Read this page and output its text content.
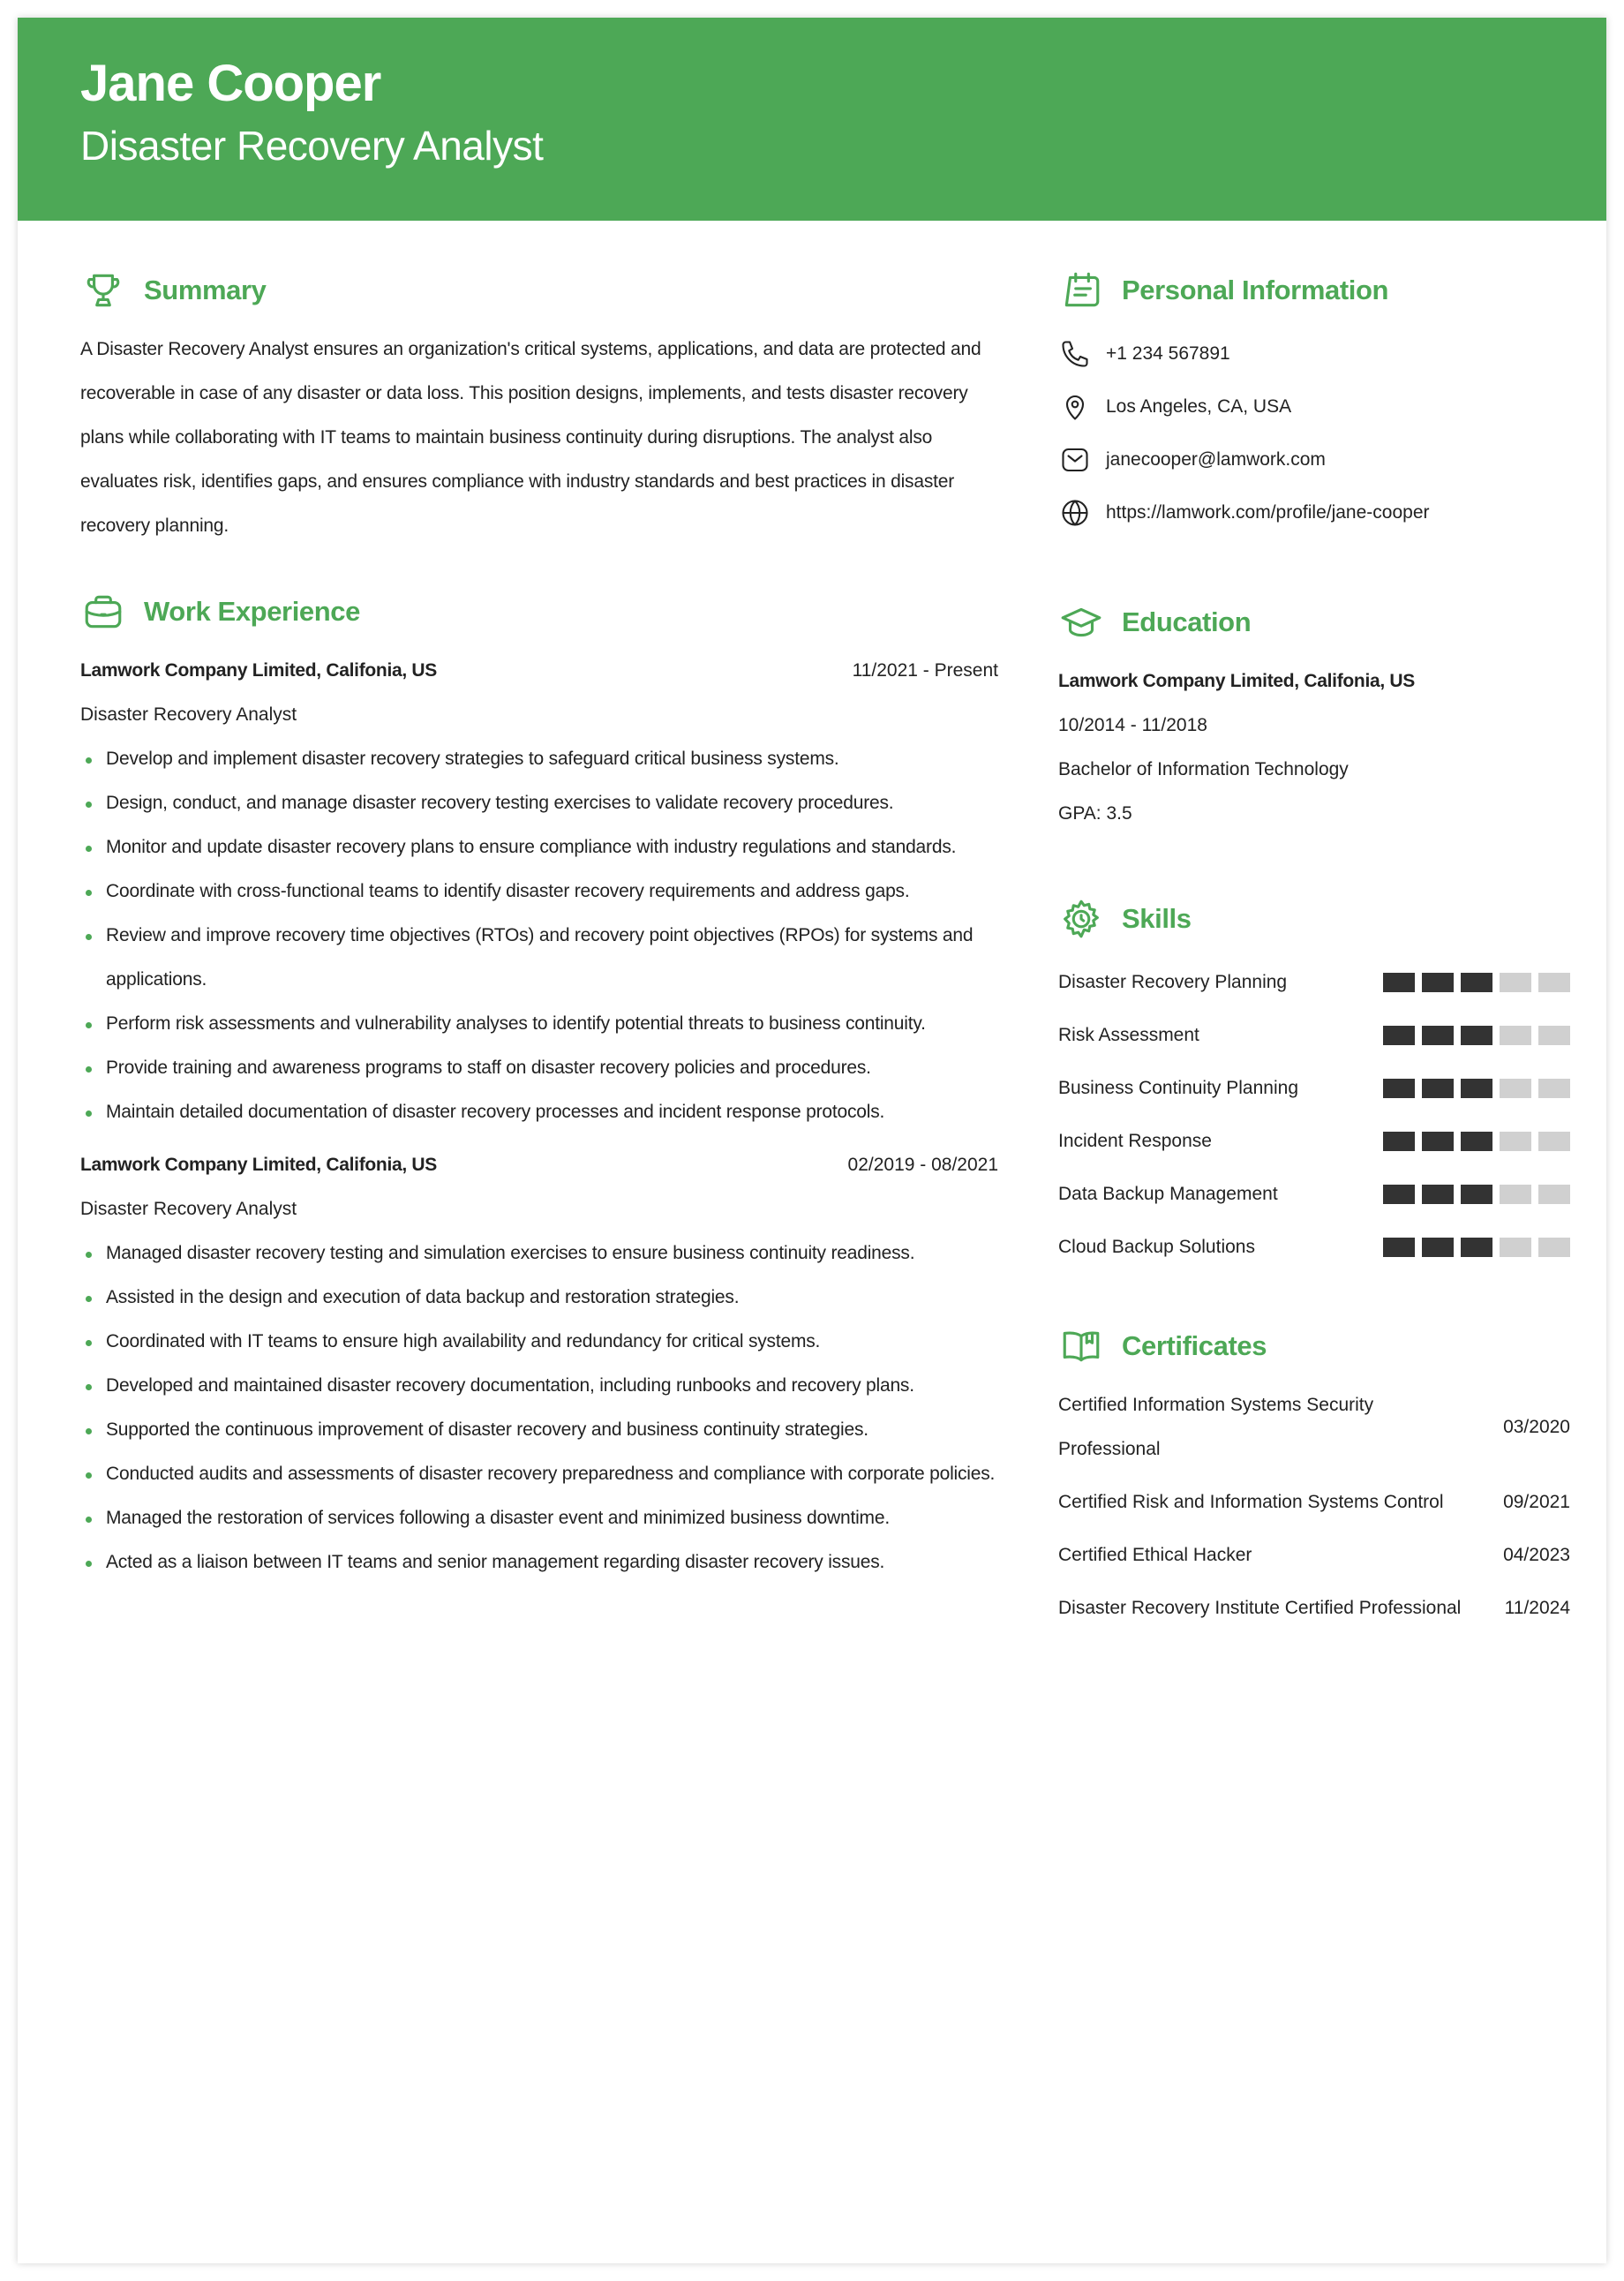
Jane Cooper
Disaster Recovery Analyst
Summary
A Disaster Recovery Analyst ensures an organization's critical systems, applications, and data are protected and recoverable in case of any disaster or data loss. This position designs, implements, and tests disaster recovery plans while collaborating with IT teams to maintain business continuity during disruptions. The analyst also evaluates risk, identifies gaps, and ensures compliance with industry standards and best practices in disaster recovery planning.
Work Experience
Lamwork Company Limited, Califonia, US	11/2021 - Present
Disaster Recovery Analyst
Develop and implement disaster recovery strategies to safeguard critical business systems.
Design, conduct, and manage disaster recovery testing exercises to validate recovery procedures.
Monitor and update disaster recovery plans to ensure compliance with industry regulations and standards.
Coordinate with cross-functional teams to identify disaster recovery requirements and address gaps.
Review and improve recovery time objectives (RTOs) and recovery point objectives (RPOs) for systems and applications.
Perform risk assessments and vulnerability analyses to identify potential threats to business continuity.
Provide training and awareness programs to staff on disaster recovery policies and procedures.
Maintain detailed documentation of disaster recovery processes and incident response protocols.
Lamwork Company Limited, Califonia, US	02/2019 - 08/2021
Disaster Recovery Analyst
Managed disaster recovery testing and simulation exercises to ensure business continuity readiness.
Assisted in the design and execution of data backup and restoration strategies.
Coordinated with IT teams to ensure high availability and redundancy for critical systems.
Developed and maintained disaster recovery documentation, including runbooks and recovery plans.
Supported the continuous improvement of disaster recovery and business continuity strategies.
Conducted audits and assessments of disaster recovery preparedness and compliance with corporate policies.
Managed the restoration of services following a disaster event and minimized business downtime.
Acted as a liaison between IT teams and senior management regarding disaster recovery issues.
Personal Information
+1 234 567891
Los Angeles, CA, USA
janecooper@lamwork.com
https://lamwork.com/profile/jane-cooper
Education
Lamwork Company Limited, Califonia, US
10/2014 - 11/2018
Bachelor of Information Technology
GPA: 3.5
Skills
Disaster Recovery Planning
Risk Assessment
Business Continuity Planning
Incident Response
Data Backup Management
Cloud Backup Solutions
Certificates
Certified Information Systems Security Professional
03/2020
Certified Risk and Information Systems Control	09/2021
Certified Ethical Hacker	04/2023
Disaster Recovery Institute Certified Professional 11/2024
